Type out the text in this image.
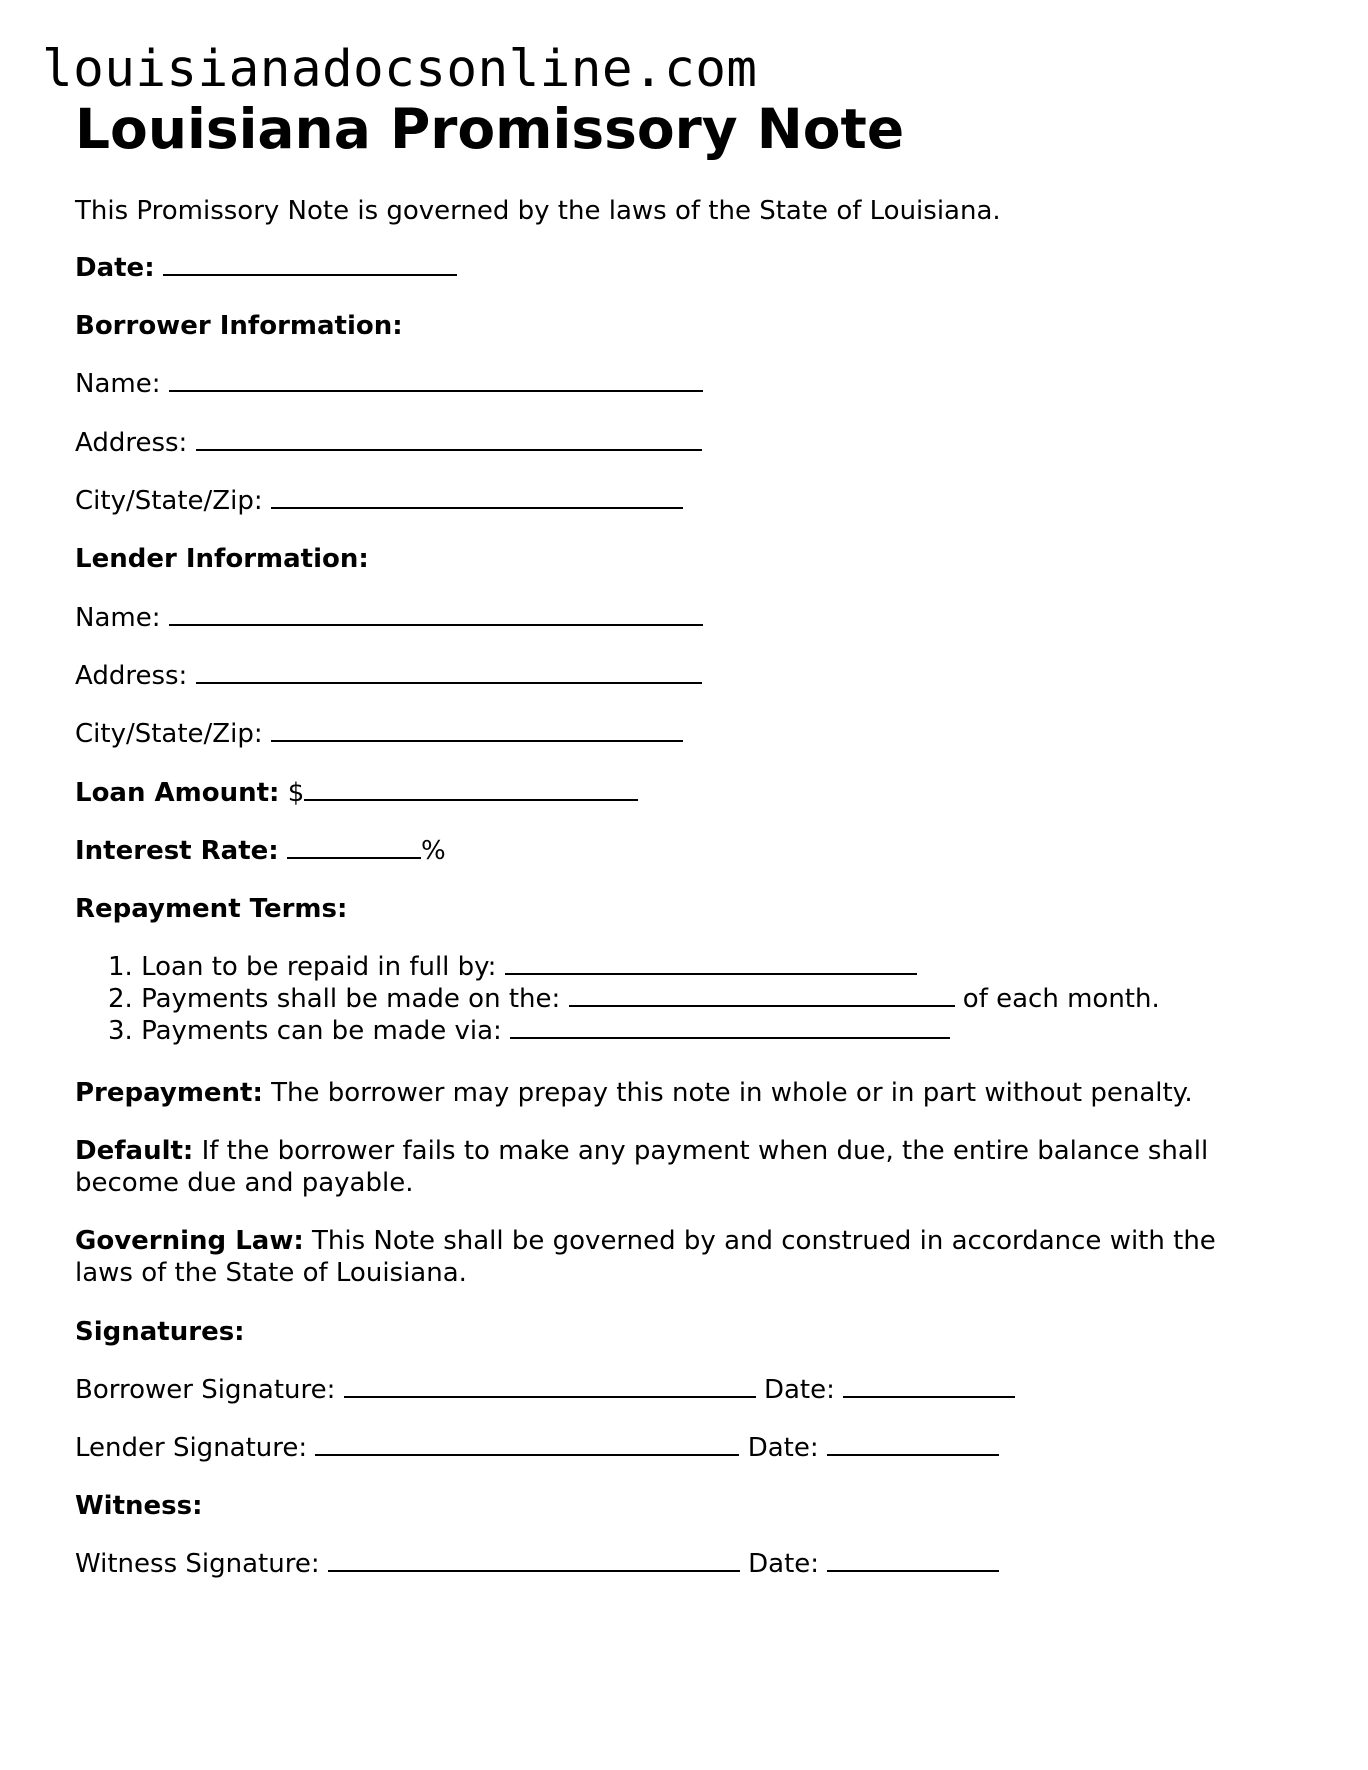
louisianadocsonline.com
Louisiana Promissory Note
This Promissory Note is governed by the laws of the State of Louisiana.
Date:
Borrower Information:
Name:
Address:
City/State/Zip:
Lender Information:
Name:
Address:
City/State/Zip:
Loan Amount: $
Interest Rate:	%
Repayment Terms:
1. Loan to be repaid in full by:
2. Payments shall be made on the:	of each month.
3. Payments can be made via:
Prepayment: The borrower may prepay this note in whole or in part without penalty.
Default: If the borrower fails to make any payment when due, the entire balance shall become due and payable.
Governing Law: This Note shall be governed by and construed in accordance with the laws of the State of Louisiana.
Signatures:
Borrower Signature:	Date:
Lender Signature:	Date:
Witness:
Witness Signature:	Date:
